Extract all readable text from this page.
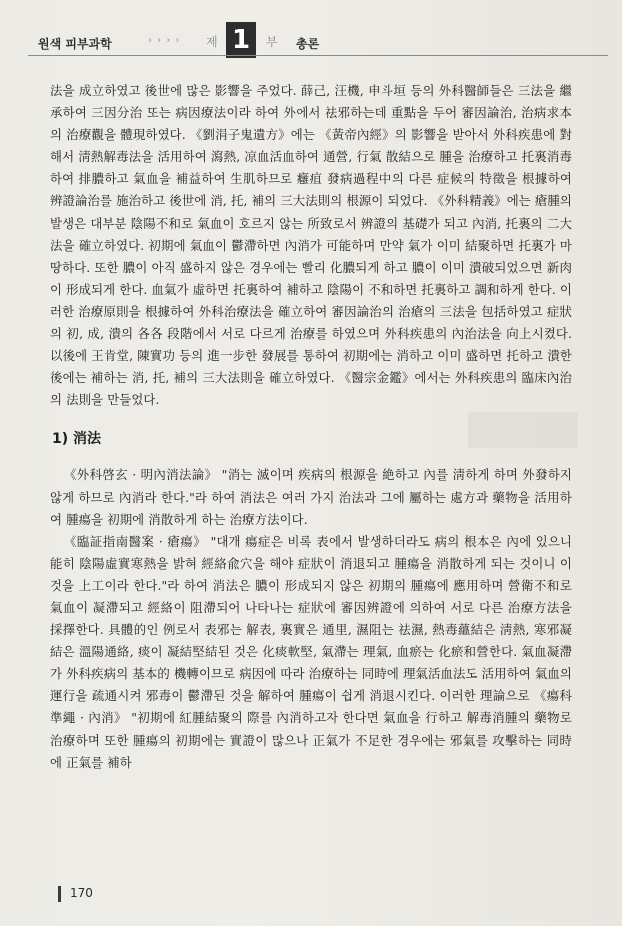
원색 피부과학	› › › › 제 1	부 총론

法을 成立하였고 後世에 많은 影響을 주었다. 薛己, 汪機, 申斗垣 등의 外科醫師들은 三法을 繼承하여 三因分治 또는 病因療法이라 하여 外에서 祛邪하는데 重點을 두어 審因論治, 治病求本의 治療觀을 體現하였다. 《劉涓子鬼遺方》에는 《黃帝內經》의 影響을 받아서 外科疾患에 對해서 淸熱解毒法을 活用하여 瀉熱, 凉血活血하여 通營, 行氣 散結으로 腫을 治療하고 托裏消毒하여 排膿하고 氣血을 補益하여 生肌하므로 癰疽 發病過程中의 다른 症候의 特徵을 根據하여 辨證論治를 施治하고 後世에 消, 托, 補의 三大法則의 根源이 되었다. 《外科精義》에는 瘡腫의 발생은 대부분 陰陽不和로 氣血이 호르지 않는 所致로서 辨證의 基礎가 되고 內消, 托裏의 二大法을 確立하였다. 初期에 氣血이 鬱滯하면 內消가 可能하며 만약 氣가 이미 結聚하면 托裏가 마땅하다. 또한 膿이 아직 盛하지 않은 경우에는 빨리 化膿되게 하고 膿이 이미 潰破되었으면 新肉이 形成되게 한다. 血氣가 虛하면 托裏하여 補하고 陰陽이 不和하면 托裏하고 調和하게 한다. 이러한 治療原則을 根據하여 外科治療法을 確立하여 審因論治의 治瘡의 三法을 包括하였고 症狀의 初, 成, 潰의 各各 段階에서 서로 다르게 治療를 하였으며 外科疾患의 內治法을 向上시켰다. 以後에 王肯堂, 陳實功 등의 進一步한 發展를 통하여 初期에는 消하고 이미 盛하면 托하고 潰한 後에는 補하는 消, 托, 補의 三大法則을 確立하였다. 《醫宗金鑑》에서는 外科疾患의 臨床內治의 法則을 만들었다.

1) 消法

《外科啓玄 · 明內消法論》 "消는 滅이며 疾病의 根源을 絶하고 內를 淸하게 하며 外發하지 않게 하므로 內消라 한다."라 하여 消法은 여러 가지 治法과 그에 屬하는 處方과 藥物을 活用하여 腫瘍을 初期에 消散하게 하는 治療方法이다.

《臨証指南醫案 · 瘡瘍》 "대개 瘍症은 비록 表에서 발생하더라도 病의 根本은 內에 있으니 能히 陰陽虛實寒熱을 밝혀 經絡兪穴을 해야 症狀이 消退되고 腫瘍을 消散하게 되는 것이니 이것을 上工이라 한다."라 하여 消法은 膿이 形成되지 않은 初期의 腫瘍에 應用하며 營衛不和로 氣血이 凝滯되고 經絡이 阻滯되어 나타나는 症狀에 審因辨證에 의하여 서로 다른 治療方法을 採擇한다. 具體的인 例로서 表邪는 解表, 裏實은 通里, 濕阻는 祛濕, 熱毒蘊結은 淸熱, 寒邪凝結은 溫陽通絡, 痰이 凝結堅結된 것은 化痰軟堅, 氣滯는 理氣, 血瘀는 化瘀和營한다. 氣血凝滯가 外科疾病의 基本的 機轉이므로 病因에 따라 治療하는 同時에 理氣活血法도 活用하여 氣血의 運行을 疏通시켜 邪毒이 鬱滯된 것을 解하여 腫瘍이 쉽게 消退시킨다. 이러한 理論으로 《瘍科準繩 · 內消》 "初期에 紅腫結聚의 際를 內消하고자 한다면 氣血을 行하고 解毒消腫의 藥物로 治療하며 또한 腫瘍의 初期에는 實證이 많으나 正氣가 不足한 경우에는 邪氣를 攻擊하는 同時에 正氣를 補하

170
